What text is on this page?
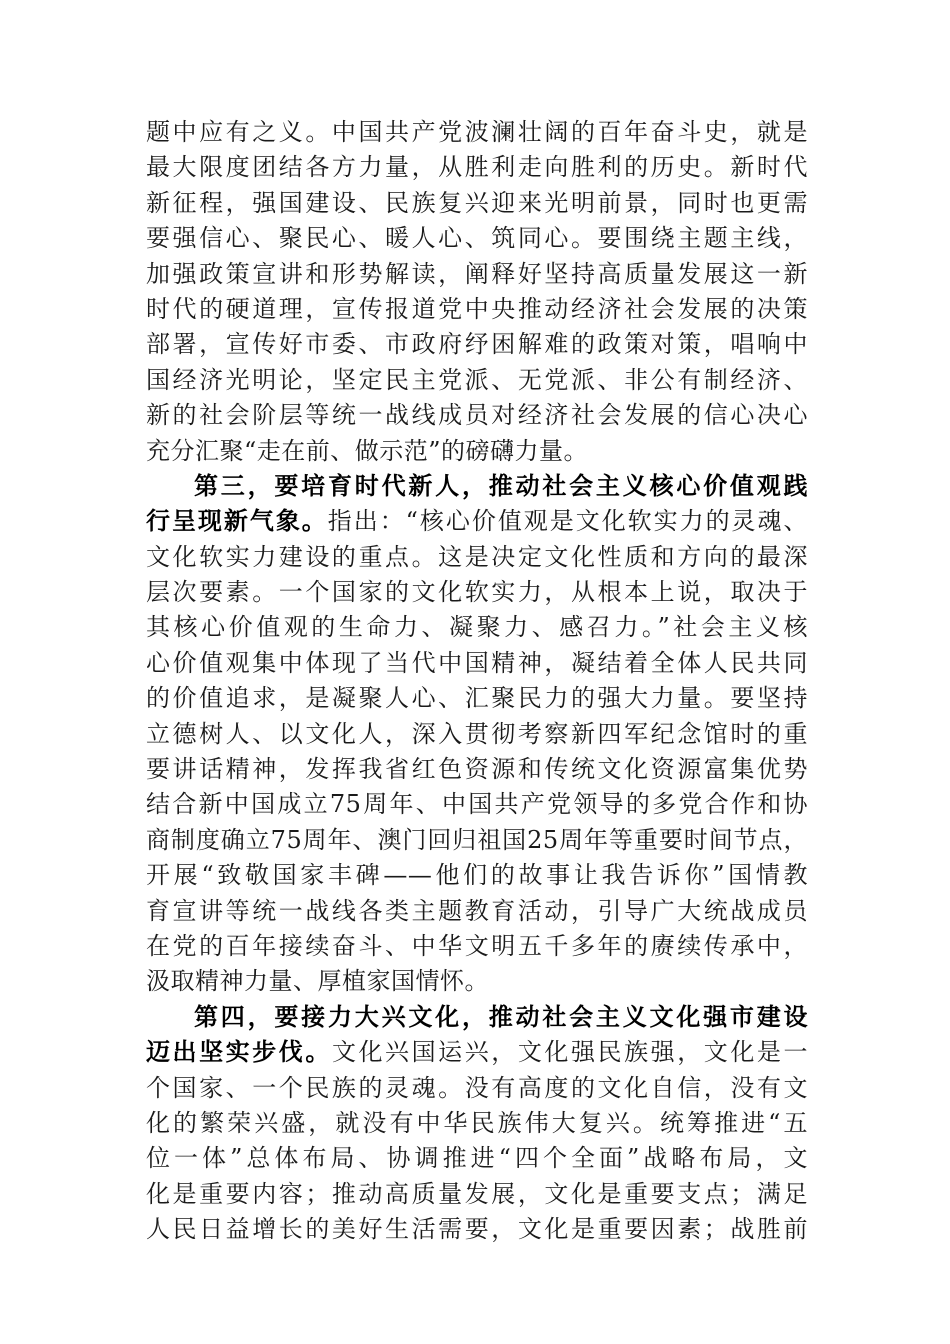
题中应有之义。中国共产党波澜壮阔的百年奋斗史，就是
最大限度团结各方力量，从胜利走向胜利的历史。新时代
新征程，强国建设、民族复兴迎来光明前景，同时也更需
要强信心、聚民心、暖人心、筑同心。要围绕主题主线，
加强政策宣讲和形势解读，阐释好坚持高质量发展这一新
时代的硬道理，宣传报道党中央推动经济社会发展的决策
部署，宣传好市委、市政府纾困解难的政策对策，唱响中
国经济光明论，坚定民主党派、无党派、非公有制经济、
新的社会阶层等统一战线成员对经济社会发展的信心决心
充分汇聚“走在前、做示范”的磅礴力量。
第三，要培育时代新人，推动社会主义核心价值观践
行呈现新气象。指出：“核心价值观是文化软实力的灵魂、
文化软实力建设的重点。这是决定文化性质和方向的最深
层次要素。一个国家的文化软实力，从根本上说，取决于
其核心价值观的生命力、凝聚力、感召力。”社会主义核
心价值观集中体现了当代中国精神，凝结着全体人民共同
的价值追求，是凝聚人心、汇聚民力的强大力量。要坚持
立德树人、以文化人，深入贯彻考察新四军纪念馆时的重
要讲话精神，发挥我省红色资源和传统文化资源富集优势
结合新中国成立75周年、中国共产党领导的多党合作和协
商制度确立75周年、澳门回归祖国25周年等重要时间节点，
开展“致敬国家丰碑——他们的故事让我告诉你”国情教
育宣讲等统一战线各类主题教育活动，引导广大统战成员
在党的百年接续奋斗、中华文明五千多年的赓续传承中，
汲取精神力量、厚植家国情怀。
第四，要接力大兴文化，推动社会主义文化强市建设
迈出坚实步伐。文化兴国运兴，文化强民族强，文化是一
个国家、一个民族的灵魂。没有高度的文化自信，没有文
化的繁荣兴盛，就没有中华民族伟大复兴。统筹推进“五
位一体”总体布局、协调推进“四个全面”战略布局，文
化是重要内容；推动高质量发展，文化是重要支点；满足
人民日益增长的美好生活需要，文化是重要因素；战胜前
